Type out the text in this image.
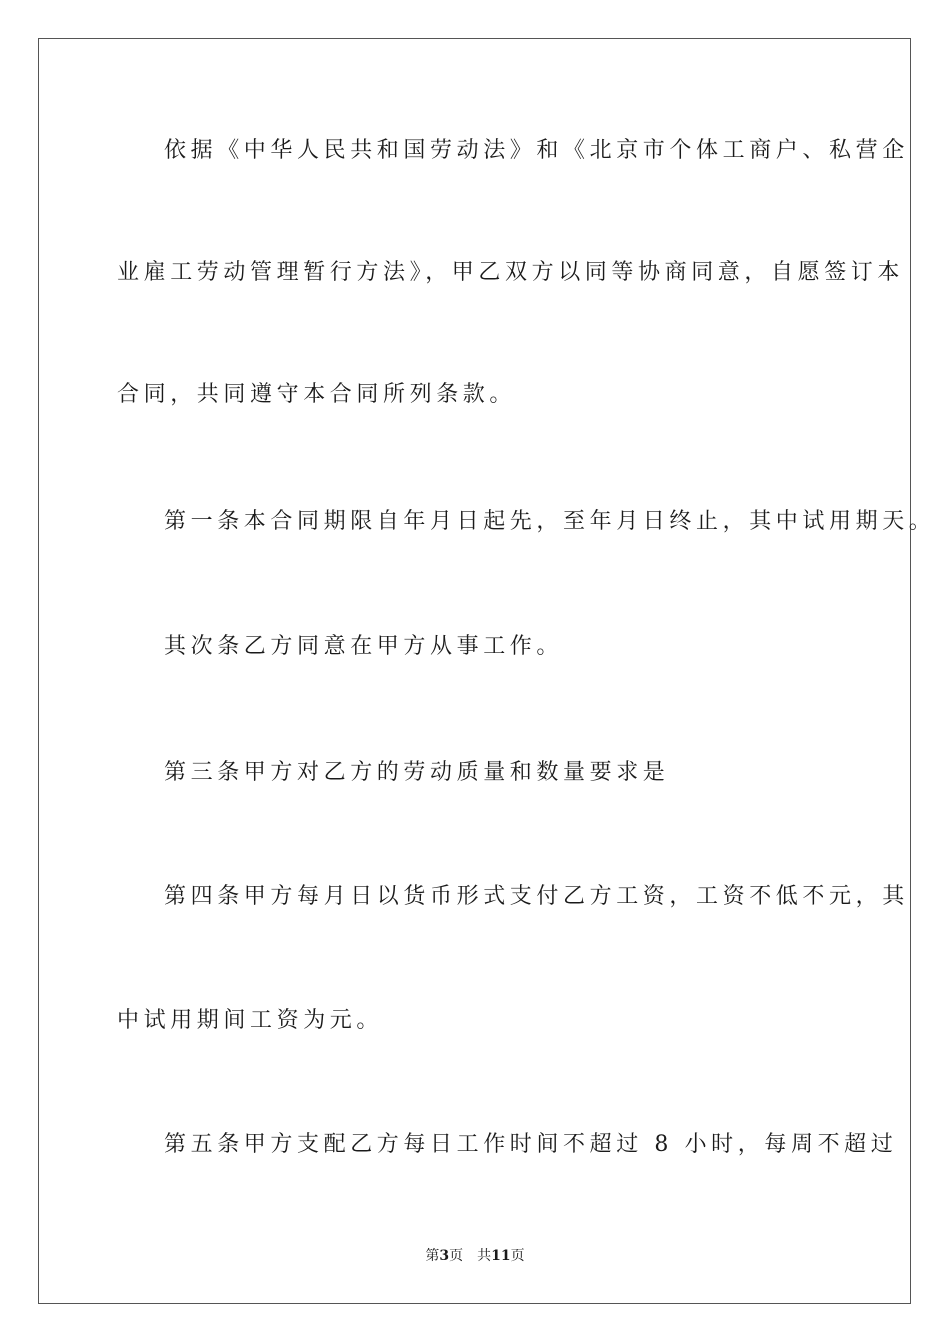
依据《中华人民共和国劳动法》和《北京市个体工商户、私营企

业雇工劳动管理暂行方法》，甲乙双方以同等协商同意，自愿签订本

合同，共同遵守本合同所列条款。

第一条本合同期限自年月日起先，至年月日终止，其中试用期天。

其次条乙方同意在甲方从事工作。

第三条甲方对乙方的劳动质量和数量要求是

第四条甲方每月日以货币形式支付乙方工资，工资不低不元，其

中试用期间工资为元。

第五条甲方支配乙方每日工作时间不超过 8 小时，每周不超过

第3页 共11页
